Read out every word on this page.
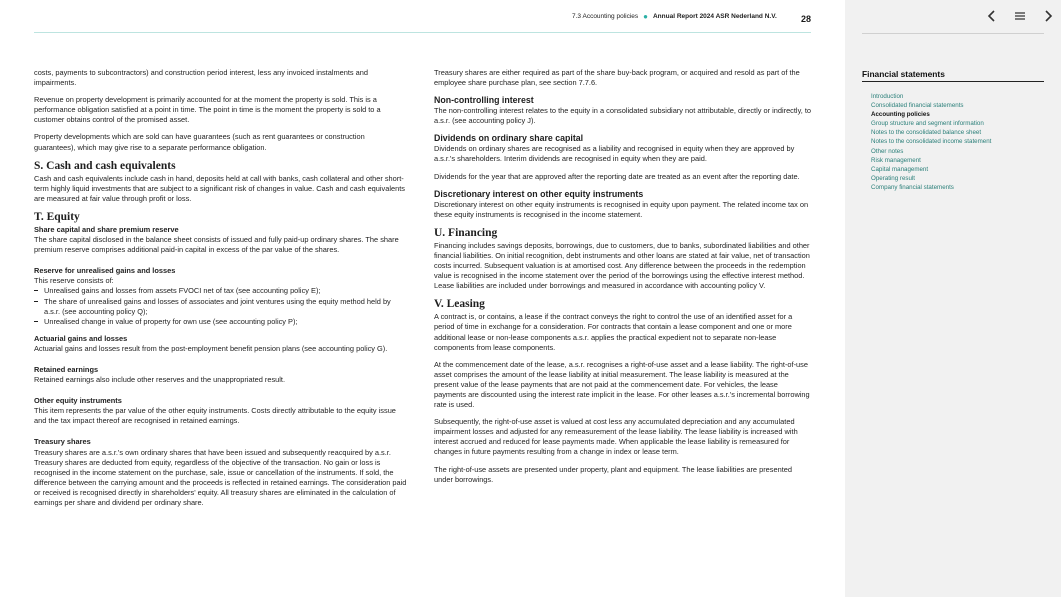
7.3 Accounting policies ● Annual Report 2024 ASR Nederland N.V.	28

costs, payments to subcontractors) and construction period interest, less any invoiced instalments and impairments.

Revenue on property development is primarily accounted for at the moment the property is sold. This is a performance obligation satisfied at a point in time. The point in time is the moment the property is sold to a customer obtains control of the promised asset.

Property developments which are sold can have guarantees (such as rent guarantees or construction guarantees), which may give rise to a separate performance obligation.

S. Cash and cash equivalents

Cash and cash equivalents include cash in hand, deposits held at call with banks, cash collateral and other short-term highly liquid investments that are subject to a significant risk of changes in value. Cash and cash equivalents are measured at fair value through profit or loss.

T. Equity
Share capital and share premium reserve

The share capital disclosed in the balance sheet consists of issued and fully paid-up ordinary shares. The share premium reserve comprises additional paid-in capital in excess of the par value of the shares.

Reserve for unrealised gains and losses
This reserve consists of:
Unrealised gains and losses from assets FVOCI net of tax (see accounting policy E);
The share of unrealised gains and losses of associates and joint ventures using the equity method held by a.s.r. (see accounting policy Q);
Unrealised change in value of property for own use (see accounting policy P);
Actuarial gains and losses

Actuarial gains and losses result from the post-employment benefit pension plans (see accounting policy G).

Retained earnings

Retained earnings also include other reserves and the unappropriated result.

Other equity instruments

This item represents the par value of the other equity instruments. Costs directly attributable to the equity issue and the tax impact thereof are recognised in retained earnings.

Treasury shares

Treasury shares are a.s.r.'s own ordinary shares that have been issued and subsequently reacquired by a.s.r. Treasury shares are deducted from equity, regardless of the objective of the transaction. No gain or loss is recognised in the income statement on the purchase, sale, issue or cancellation of the instruments. If sold, the difference between the carrying amount and the proceeds is reflected in retained earnings. The consideration paid or received is recognised directly in shareholders' equity. All treasury shares are eliminated in the calculation of earnings per share and dividend per ordinary share.

Treasury shares are either required as part of the share buy-back program, or acquired and resold as part of the employee share purchase plan, see section 7.7.6.

Non-controlling interest

The non-controlling interest relates to the equity in a consolidated subsidiary not attributable, directly or indirectly, to a.s.r. (see accounting policy J).

Dividends on ordinary share capital

Dividends on ordinary shares are recognised as a liability and recognised in equity when they are approved by a.s.r.'s shareholders. Interim dividends are recognised in equity when they are paid.

Dividends for the year that are approved after the reporting date are treated as an event after the reporting date.

Discretionary interest on other equity instruments

Discretionary interest on other equity instruments is recognised in equity upon payment. The related income tax on these equity instruments is recognised in the income statement.

U. Financing

Financing includes savings deposits, borrowings, due to customers, due to banks, subordinated liabilities and other financial liabilities. On initial recognition, debt instruments and other loans are stated at fair value, net of transaction costs incurred. Subsequent valuation is at amortised cost. Any difference between the proceeds in the redemption value is recognised in the income statement over the period of the borrowings using the effective interest method. Lease liabilities are included under borrowings and measured in accordance with accounting policy V.

V. Leasing

A contract is, or contains, a lease if the contract conveys the right to control the use of an identified asset for a period of time in exchange for a consideration. For contracts that contain a lease component and one or more additional lease or non-lease components a.s.r. applies the practical expedient not to separate non-lease components from lease components.

At the commencement date of the lease, a.s.r. recognises a right-of-use asset and a lease liability. The right-of-use asset comprises the amount of the lease liability at initial measurement. The lease liability is measured at the present value of the lease payments that are not paid at the commencement date. For vehicles, the lease payments are discounted using the interest rate implicit in the lease. For other leases a.s.r.'s incremental borrowing rate is used.

Subsequently, the right-of-use asset is valued at cost less any accumulated depreciation and any accumulated impairment losses and adjusted for any remeasurement of the lease liability. The lease liability is increased with interest accrued and reduced for lease payments made. When applicable the lease liability is remeasured for changes in future payments resulting from a change in index or lease term.

The right-of-use assets are presented under property, plant and equipment. The lease liabilities are presented under borrowings.

Financial statements
Introduction
Consolidated financial statements
Accounting policies
Group structure and segment information
Notes to the consolidated balance sheet
Notes to the consolidated income statement
Other notes
Risk management
Capital management
Operating result
Company financial statements
